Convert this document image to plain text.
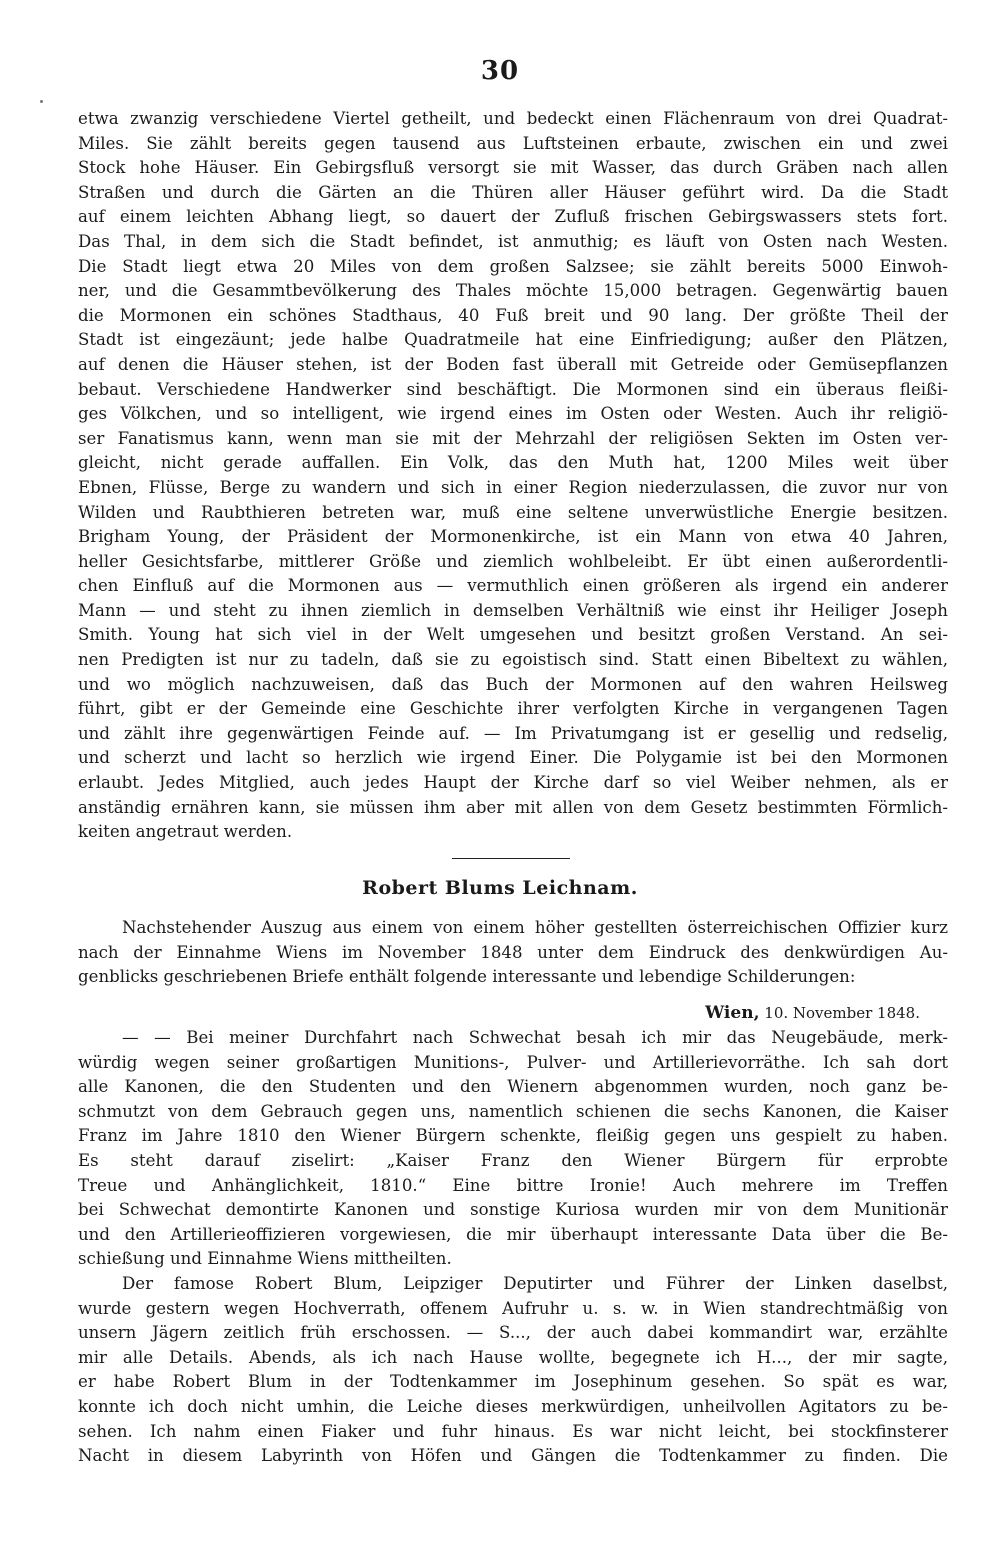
30
etwa zwanzig verschiedene Viertel getheilt, und bedeckt einen Flächenraum von drei Quadrat-
Miles. Sie zählt bereits gegen tausend aus Luftsteinen erbaute, zwischen ein und zwei
Stock hohe Häuser. Ein Gebirgsfluß versorgt sie mit Wasser, das durch Gräben nach allen
Straßen und durch die Gärten an die Thüren aller Häuser geführt wird. Da die Stadt
auf einem leichten Abhang liegt, so dauert der Zufluß frischen Gebirgswassers stets fort.
Das Thal, in dem sich die Stadt befindet, ist anmuthig; es läuft von Osten nach Westen.
Die Stadt liegt etwa 20 Miles von dem großen Salzsee; sie zählt bereits 5000 Einwoh-
ner, und die Gesammtbevölkerung des Thales möchte 15,000 betragen. Gegenwärtig bauen
die Mormonen ein schönes Stadthaus, 40 Fuß breit und 90 lang. Der größte Theil der
Stadt ist eingezäunt; jede halbe Quadratmeile hat eine Einfriedigung; außer den Plätzen,
auf denen die Häuser stehen, ist der Boden fast überall mit Getreide oder Gemüsepflanzen
bebaut. Verschiedene Handwerker sind beschäftigt. Die Mormonen sind ein überaus fleißi-
ges Völkchen, und so intelligent, wie irgend eines im Osten oder Westen. Auch ihr religiö-
ser Fanatismus kann, wenn man sie mit der Mehrzahl der religiösen Sekten im Osten ver-
gleicht, nicht gerade auffallen. Ein Volk, das den Muth hat, 1200 Miles weit über
Ebnen, Flüsse, Berge zu wandern und sich in einer Region niederzulassen, die zuvor nur von
Wilden und Raubthieren betreten war, muß eine seltene unverwüstliche Energie besitzen.
Brigham Young, der Präsident der Mormonenkirche, ist ein Mann von etwa 40 Jahren,
heller Gesichtsfarbe, mittlerer Größe und ziemlich wohlbeleibt. Er übt einen außerordentli-
chen Einfluß auf die Mormonen aus — vermuthlich einen größeren als irgend ein anderer
Mann — und steht zu ihnen ziemlich in demselben Verhältniß wie einst ihr Heiliger Joseph
Smith. Young hat sich viel in der Welt umgesehen und besitzt großen Verstand. An sei-
nen Predigten ist nur zu tadeln, daß sie zu egoistisch sind. Statt einen Bibeltext zu wählen,
und wo möglich nachzuweisen, daß das Buch der Mormonen auf den wahren Heilsweg
führt, gibt er der Gemeinde eine Geschichte ihrer verfolgten Kirche in vergangenen Tagen
und zählt ihre gegenwärtigen Feinde auf. — Im Privatumgang ist er gesellig und redselig,
und scherzt und lacht so herzlich wie irgend Einer. Die Polygamie ist bei den Mormonen
erlaubt. Jedes Mitglied, auch jedes Haupt der Kirche darf so viel Weiber nehmen, als er
anständig ernähren kann, sie müssen ihm aber mit allen von dem Gesetz bestimmten Förmlich-
keiten angetraut werden.
Robert Blums Leichnam.
Nachstehender Auszug aus einem von einem höher gestellten österreichischen Offizier kurz
nach der Einnahme Wiens im November 1848 unter dem Eindruck des denkwürdigen Au-
genblicks geschriebenen Briefe enthält folgende interessante und lebendige Schilderungen:
Wien, 10. November 1848.
— — Bei meiner Durchfahrt nach Schwechat besah ich mir das Neugebäude, merk-
würdig wegen seiner großartigen Munitions-, Pulver- und Artillerievorräthe. Ich sah dort
alle Kanonen, die den Studenten und den Wienern abgenommen wurden, noch ganz be-
schmutzt von dem Gebrauch gegen uns, namentlich schienen die sechs Kanonen, die Kaiser
Franz im Jahre 1810 den Wiener Bürgern schenkte, fleißig gegen uns gespielt zu haben.
Es steht darauf ziselirt: „Kaiser Franz den Wiener Bürgern für erprobte
Treue und Anhänglichkeit, 1810.“ Eine bittre Ironie! Auch mehrere im Treffen
bei Schwechat demontirte Kanonen und sonstige Kuriosa wurden mir von dem Munitionär
und den Artillerieoffizieren vorgewiesen, die mir überhaupt interessante Data über die Be-
schießung und Einnahme Wiens mittheilten.
Der famose Robert Blum, Leipziger Deputirter und Führer der Linken daselbst,
wurde gestern wegen Hochverrath, offenem Aufruhr u. s. w. in Wien standrechtmäßig von
unsern Jägern zeitlich früh erschossen. — S..., der auch dabei kommandirt war, erzählte
mir alle Details. Abends, als ich nach Hause wollte, begegnete ich H..., der mir sagte,
er habe Robert Blum in der Todtenkammer im Josephinum gesehen. So spät es war,
konnte ich doch nicht umhin, die Leiche dieses merkwürdigen, unheilvollen Agitators zu be-
sehen. Ich nahm einen Fiaker und fuhr hinaus. Es war nicht leicht, bei stockfinsterer
Nacht in diesem Labyrinth von Höfen und Gängen die Todtenkammer zu finden. Die
